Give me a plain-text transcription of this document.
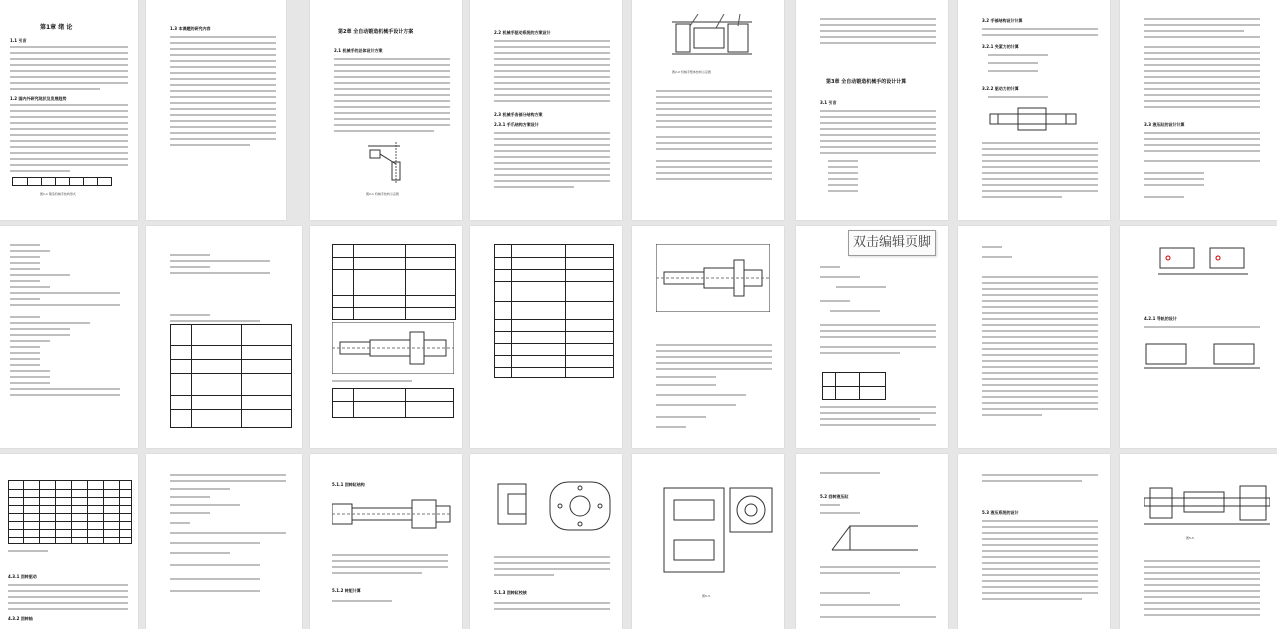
第1章 绪 论
1.1 引言
1.2 国内外研究现状及发展趋势
图1-1 锻造机械手结构形式
1.3 本课题的研究内容
第2章 全自动锻造机械手设计方案
2.1 机械手的总体设计方案
图2-1 机械手结构示意图
2.2 机械手驱动系统的方案设计
2.3 机械手各部分结构方案
2.3.1 手爪结构方案设计
图2-2 机械手整体结构示意图
第3章 全自动锻造机械手的设计计算
3.1 引言
3.2 手部结构设计计算
3.2.1 夹紧力的计算
3.2.2 驱动力的计算
3.3 液压缸的设计计算
4.2.1 导轨的设计
4.3.1 回转驱动
4.3.2 回转轴
5.1.1 回转缸结构
5.1.2 转矩计算	5.1.3 回转缸校核
图5-3
5.2 回转液压缸
5.3 液压系统的设计
图5-5
双击编辑页脚
